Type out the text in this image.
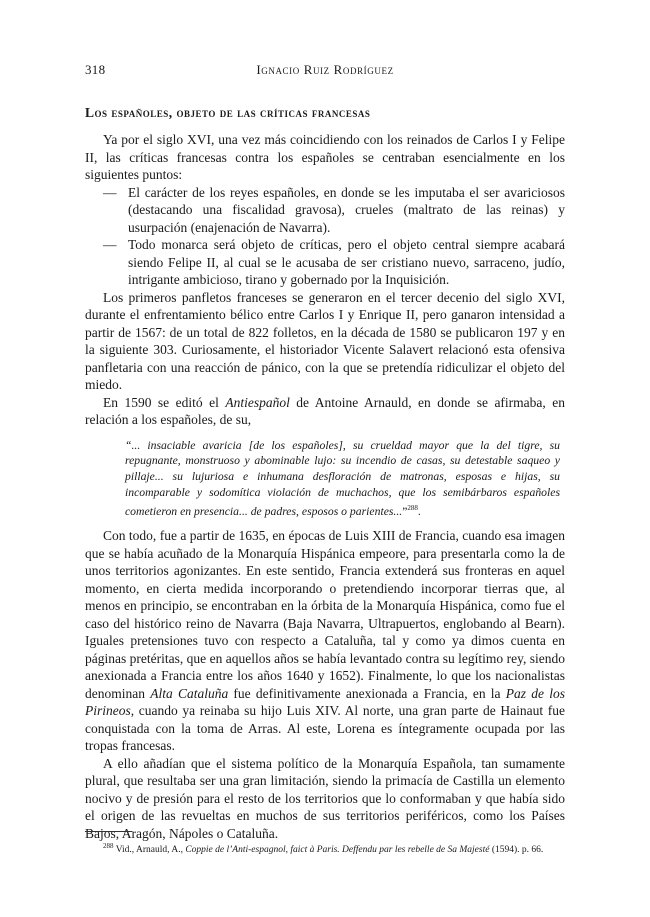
318	Ignacio Ruiz Rodríguez
Los españoles, objeto de las críticas francesas

Ya por el siglo XVI, una vez más coincidiendo con los reinados de Carlos I y Felipe II, las críticas francesas contra los españoles se centraban esencialmente en los siguientes puntos:

— El carácter de los reyes españoles, en donde se les imputaba el ser avariciosos (destacando una fiscalidad gravosa), crueles (maltrato de las reinas) y usurpación (enajenación de Navarra).
— Todo monarca será objeto de críticas, pero el objeto central siempre acabará siendo Felipe II, al cual se le acusaba de ser cristiano nuevo, sarraceno, judío, intrigante ambicioso, tirano y gobernado por la Inquisición.

Los primeros panfletos franceses se generaron en el tercer decenio del siglo XVI, durante el enfrentamiento bélico entre Carlos I y Enrique II, pero ganaron intensidad a partir de 1567: de un total de 822 folletos, en la década de 1580 se publicaron 197 y en la siguiente 303. Curiosamente, el historiador Vicente Salavert relacionó esta ofensiva panfletaria con una reacción de pánico, con la que se pretendía ridiculizar el objeto del miedo.

En 1590 se editó el Antiespañol de Antoine Arnauld, en donde se afirmaba, en relación a los españoles, de su,

“... insaciable avaricia [de los españoles], su crueldad mayor que la del tigre, su repugnante, monstruoso y abominable lujo: su incendio de casas, su detestable saqueo y pillaje... su lujuriosa e inhumana desfloración de matronas, esposas e hijas, su incomparable y sodomítica violación de muchachos, que los semibárbaros españoles cometieron en presencia... de padres, esposos o parientes...”$^{288}$.

Con todo, fue a partir de 1635, en épocas de Luis XIII de Francia, cuando esa imagen que se había acuñado de la Monarquía Hispánica empeore, para presentarla como la de unos territorios agonizantes. En este sentido, Francia extenderá sus fronteras en aquel momento, en cierta medida incorporando o pretendiendo incorporar tierras que, al menos en principio, se encontraban en la órbita de la Monarquía Hispánica, como fue el caso del histórico reino de Navarra (Baja Navarra, Ultrapuertos, englobando al Bearn). Iguales pretensiones tuvo con respecto a Cataluña, tal y como ya dimos cuenta en páginas pretéritas, que en aquellos años se había levantado contra su legítimo rey, siendo anexionada a Francia entre los años 1640 y 1652). Finalmente, lo que los nacionalistas denominan Alta Cataluña fue definitivamente anexionada a Francia, en la Paz de los Pirineos, cuando ya reinaba su hijo Luis XIV. Al norte, una gran parte de Hainaut fue conquistada con la toma de Arras. Al este, Lorena es íntegramente ocupada por las tropas francesas.

A ello añadían que el sistema político de la Monarquía Española, tan sumamente plural, que resultaba ser una gran limitación, siendo la primacía de Castilla un elemento nocivo y de presión para el resto de los territorios que lo conformaban y que había sido el origen de las revueltas en muchos de sus territorios periféricos, como los Países Bajos, Aragón, Nápoles o Cataluña.

$^{288}$ Vid., Arnauld, A., Coppie de l’Anti-espagnol, faict à Paris. Deffendu par les rebelle de Sa Majesté (1594). p. 66.
